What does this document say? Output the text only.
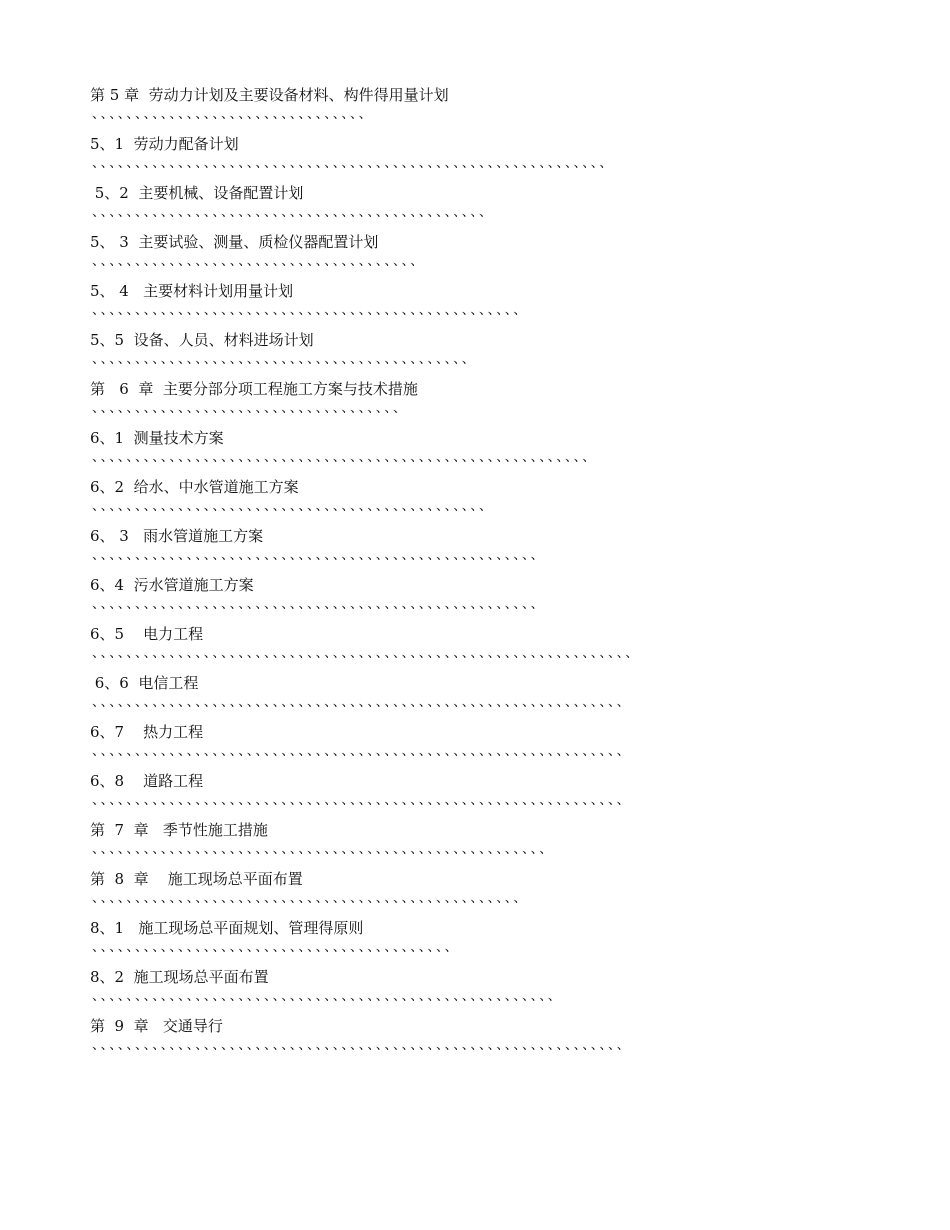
第 5 章  劳动力计划及主要设备材料、构件得用量计划
、、、、、、、、、、、、、、、、、、、、、、、、、、、、、、、、
5、1  劳动力配备计划
、、、、、、、、、、、、、、、、、、、、、、、、、、、、、、、、、、、、、、、、、、、、、、、、、、、、、、、、、、、、
5、2  主要机械、设备配置计划
、、、、、、、、、、、、、、、、、、、、、、、、、、、、、、、、、、、、、、、、、、、、、、
5、 3  主要试验、测量、质检仪器配置计划
、、、、、、、、、、、、、、、、、、、、、、、、、、、、、、、、、、、、、、
5、 4   主要材料计划用量计划
、、、、、、、、、、、、、、、、、、、、、、、、、、、、、、、、、、、、、、、、、、、、、、、、、、
5、5  设备、人员、材料进场计划
、、、、、、、、、、、、、、、、、、、、、、、、、、、、、、、、、、、、、、、、、、、、
第   6  章  主要分部分项工程施工方案与技术措施
、、、、、、、、、、、、、、、、、、、、、、、、、、、、、、、、、、、、
6、1  测量技术方案
、、、、、、、、、、、、、、、、、、、、、、、、、、、、、、、、、、、、、、、、、、、、、、、、、、、、、、、、、、
6、2  给水、中水管道施工方案
、、、、、、、、、、、、、、、、、、、、、、、、、、、、、、、、、、、、、、、、、、、、、、
6、 3   雨水管道施工方案
、、、、、、、、、、、、、、、、、、、、、、、、、、、、、、、、、、、、、、、、、、、、、、、、、、、、
6、4  污水管道施工方案
、、、、、、、、、、、、、、、、、、、、、、、、、、、、、、、、、、、、、、、、、、、、、、、、、、、、
6、5    电力工程
、、、、、、、、、、、、、、、、、、、、、、、、、、、、、、、、、、、、、、、、、、、、、、、、、、、、、、、、、、、、、、、
6、6  电信工程
、、、、、、、、、、、、、、、、、、、、、、、、、、、、、、、、、、、、、、、、、、、、、、、、、、、、、、、、、、、、、、
6、7    热力工程
、、、、、、、、、、、、、、、、、、、、、、、、、、、、、、、、、、、、、、、、、、、、、、、、、、、、、、、、、、、、、、
6、8    道路工程
、、、、、、、、、、、、、、、、、、、、、、、、、、、、、、、、、、、、、、、、、、、、、、、、、、、、、、、、、、、、、、
第  7  章   季节性施工措施
、、、、、、、、、、、、、、、、、、、、、、、、、、、、、、、、、、、、、、、、、、、、、、、、、、、、、
第  8  章    施工现场总平面布置
、、、、、、、、、、、、、、、、、、、、、、、、、、、、、、、、、、、、、、、、、、、、、、、、、、
8、1   施工现场总平面规划、管理得原则
、、、、、、、、、、、、、、、、、、、、、、、、、、、、、、、、、、、、、、、、、、
8、2  施工现场总平面布置
、、、、、、、、、、、、、、、、、、、、、、、、、、、、、、、、、、、、、、、、、、、、、、、、、、、、、、
第  9  章   交通导行
、、、、、、、、、、、、、、、、、、、、、、、、、、、、、、、、、、、、、、、、、、、、、、、、、、、、、、、、、、、、、、
